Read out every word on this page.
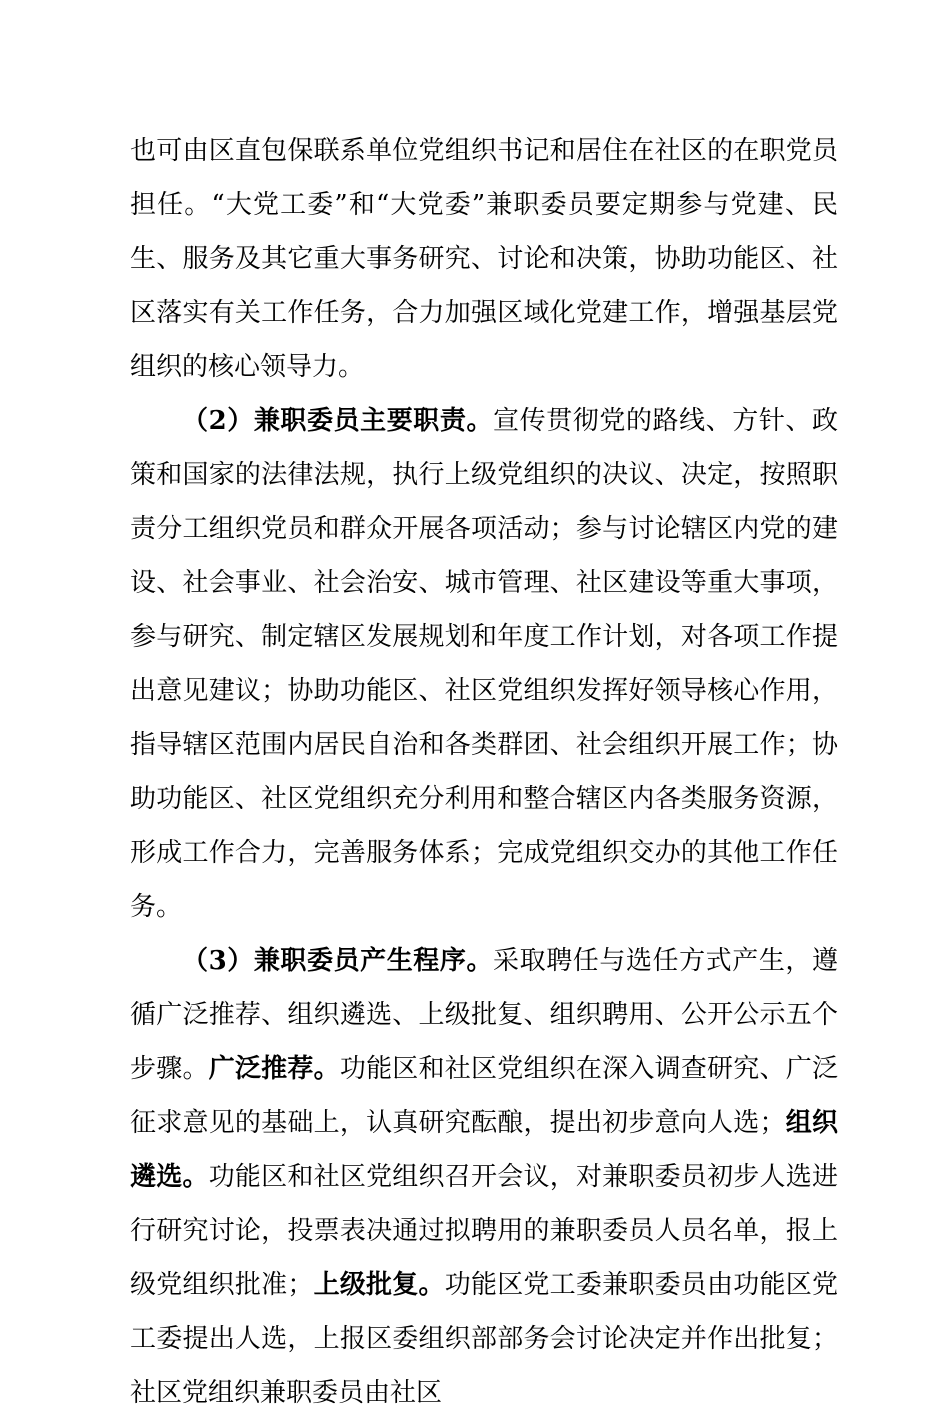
也可由区直包保联系单位党组织书记和居住在社区的在职党员担任。“大党工委”和“大党委”兼职委员要定期参与党建、民生、服务及其它重大事务研究、讨论和决策，协助功能区、社区落实有关工作任务，合力加强区域化党建工作，增强基层党组织的核心领导力。

（2）兼职委员主要职责。宣传贯彻党的路线、方针、政策和国家的法律法规，执行上级党组织的决议、决定，按照职责分工组织党员和群众开展各项活动；参与讨论辖区内党的建设、社会事业、社会治安、城市管理、社区建设等重大事项，参与研究、制定辖区发展规划和年度工作计划，对各项工作提出意见建议；协助功能区、社区党组织发挥好领导核心作用，指导辖区范围内居民自治和各类群团、社会组织开展工作；协助功能区、社区党组织充分利用和整合辖区内各类服务资源，形成工作合力，完善服务体系；完成党组织交办的其他工作任务。

（3）兼职委员产生程序。采取聘任与选任方式产生，遵循广泛推荐、组织遴选、上级批复、组织聘用、公开公示五个步骤。广泛推荐。功能区和社区党组织在深入调查研究、广泛征求意见的基础上，认真研究酝酿，提出初步意向人选；组织遴选。功能区和社区党组织召开会议，对兼职委员初步人选进行研究讨论，投票表决通过拟聘用的兼职委员人员名单，报上级党组织批准；上级批复。功能区党工委兼职委员由功能区党工委提出人选，上报区委组织部部务会讨论决定并作出批复；社区党组织兼职委员由社区
